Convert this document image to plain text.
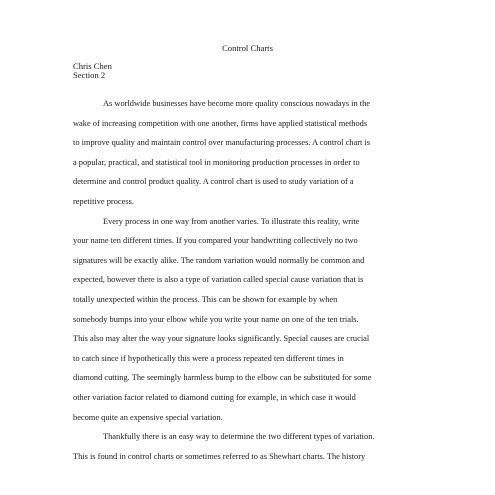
Control Charts
Chris Chen
Section 2

As worldwide businesses have become more quality conscious nowadays in the
wake of increasing competition with one another, firms have applied statistical methods
to improve quality and maintain control over manufacturing processes. A control chart is
a popular, practical, and statistical tool in monitoring production processes in order to
determine and control product quality. A control chart is used to study variation of a
repetitive process.

Every process in one way from another varies. To illustrate this reality, write
your name ten different times. If you compared your handwriting collectively no two
signatures will be exactly alike. The random variation would normally be common and
expected, however there is also a type of variation called special cause variation that is
totally unexpected within the process. This can be shown for example by when
somebody bumps into your elbow while you write your name on one of the ten trials.
This also may alter the way your signature looks significantly. Special causes are crucial
to catch since if hypothetically this were a process repeated ten different times in
diamond cutting. The seemingly harmless bump to the elbow can be substituted for some
other variation factor related to diamond cutting for example, in which case it would
become quite an expensive special variation.

Thankfully there is an easy way to determine the two different types of variation.
This is found in control charts or sometimes referred to as Shewhart charts. The history
